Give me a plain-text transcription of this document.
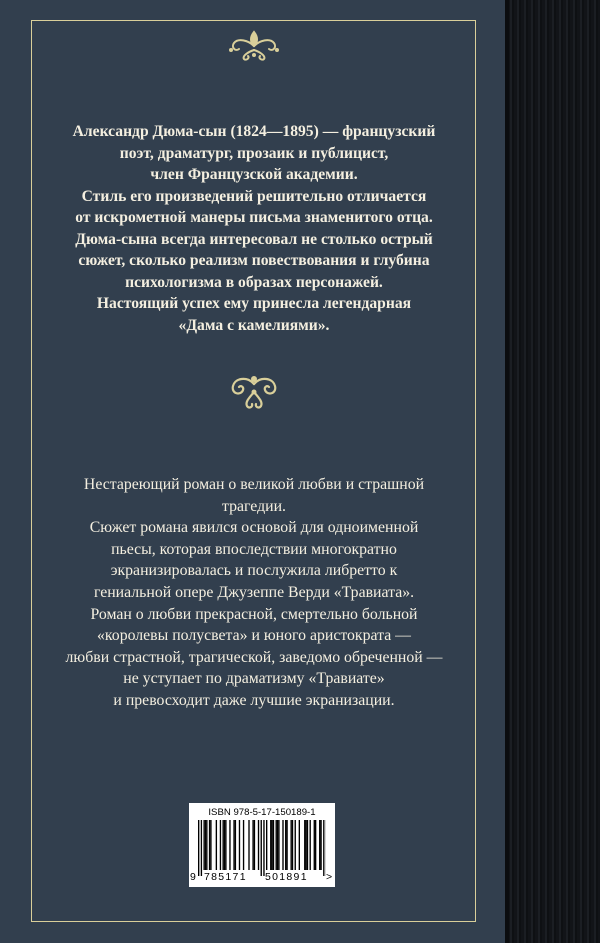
Александр Дюма-сын (1824—1895) — французский
поэт, драматург, прозаик и публицист,
член Французской академии.
Стиль его произведений решительно отличается
от искрометной манеры письма знаменитого отца.
Дюма-сына всегда интересовал не столько острый
сюжет, сколько реализм повествования и глубина
психологизма в образах персонажей.
Настоящий успех ему принесла легендарная
«Дама с камелиями».

Нестареющий роман о великой любви и страшной
трагедии.
Сюжет романа явился основой для одноименной
пьесы, которая впоследствии многократно
экранизировалась и послужила либретто к
гениальной опере Джузеппе Верди «Травиата».
Роман о любви прекрасной, смертельно больной
«королевы полусвета» и юного аристократа —
любви страстной, трагической, заведомо обреченной —
не уступает по драматизму «Травиате»
и превосходит даже лучшие экранизации.

ISBN 978-5-17-150189-1
9 785171 501891 >
